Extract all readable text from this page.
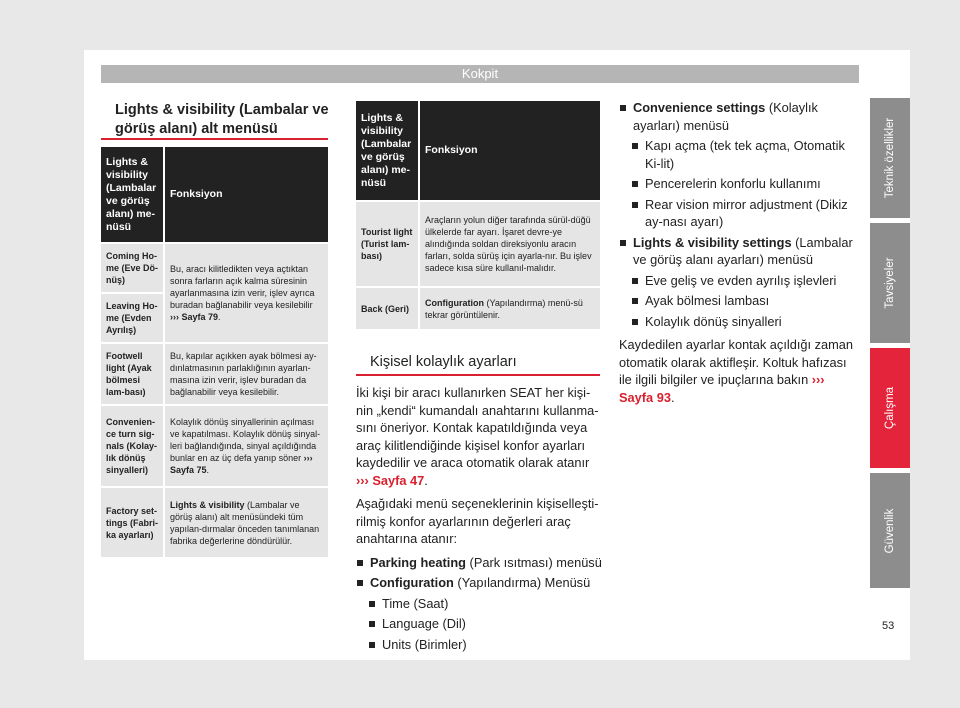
Kokpit
Lights & visibility (Lambalar ve görüş alanı) alt menüsü
Lights & visibility (Lambalar ve görüş alanı) me-nüsü	Fonksiyon
Coming Ho-me (Eve Dö-nüş)	Bu, aracı kilitledikten veya açtıktan sonra farların açık kalma süresinin ayarlanmasına izin verir, işlev ayrıca buradan bağlanabilir veya kesilebilir ››› Sayfa 79.
Leaving Ho-me (Evden Ayrılış)	
Footwell light (Ayak bölmesi lam-bası)	Bu, kapılar açıkken ayak bölmesi ay-dınlatmasının parlaklığının ayarlan-masına izin verir, işlev buradan da bağlanabilir veya kesilebilir.
Convenien-ce turn sig-nals (Kolay-lık dönüş sinyalleri)	Kolaylık dönüş sinyallerinin açılması ve kapatılması. Kolaylık dönüş sinyal-leri bağlandığında, sinyal açıldığında bunlar en az üç defa yanıp söner ››› Sayfa 75.
Factory set-tings (Fabri-ka ayarları)	Lights & visibility (Lambalar ve görüş alanı) alt menüsündeki tüm yapılan-dırmalar önceden tanımlanan fabrika değerlerine döndürülür.
Lights & visibility (Lambalar ve görüş alanı) me-nüsü	Fonksiyon
Tourist light (Turist lam-bası)	Araçların yolun diğer tarafında sürül-düğü ülkelerde far ayarı. İşaret devre-ye alındığında soldan direksiyonlu aracın farları, solda sürüş için ayarla-nır. Bu işlev sadece kısa süre kullanıl-malıdır.
Back (Geri)	Configuration (Yapılandırma) menü-sü tekrar görüntülenir.
Kişisel kolaylık ayarları

İki kişi bir aracı kullanırken SEAT her kişi-nin „kendi“ kumandalı anahtarını kullanma-sını öneriyor. Kontak kapatıldığında veya araç kilitlendiğinde kişisel konfor ayarları kaydedilir ve araca otomatik olarak atanır ››› Sayfa 47.

Aşağıdaki menü seçeneklerinin kişiselleşti-rilmiş konfor ayarlarının değerleri araç anahtarına atanır:

Parking heating (Park ısıtması) menüsü
Configuration (Yapılandırma) Menüsü
Time (Saat)
Language (Dil)
Units (Birimler)
Convenience settings (Kolaylık ayarları) menüsü
Kapı açma (tek tek açma, Otomatik Ki-lit)
Pencerelerin konforlu kullanımı
Rear vision mirror adjustment (Dikiz ay-nası ayarı)
Lights & visibility settings (Lambalar ve görüş alanı ayarları) menüsü
Eve geliş ve evden ayrılış işlevleri
Ayak bölmesi lambası
Kolaylık dönüş sinyalleri

Kaydedilen ayarlar kontak açıldığı zaman otomatik olarak aktifleşir. Koltuk hafızası ile ilgili bilgiler ve ipuçlarına bakın ››› Sayfa 93.

Teknik özellikler
Tavsiyeler
Çalışma
Güvenlik
53
